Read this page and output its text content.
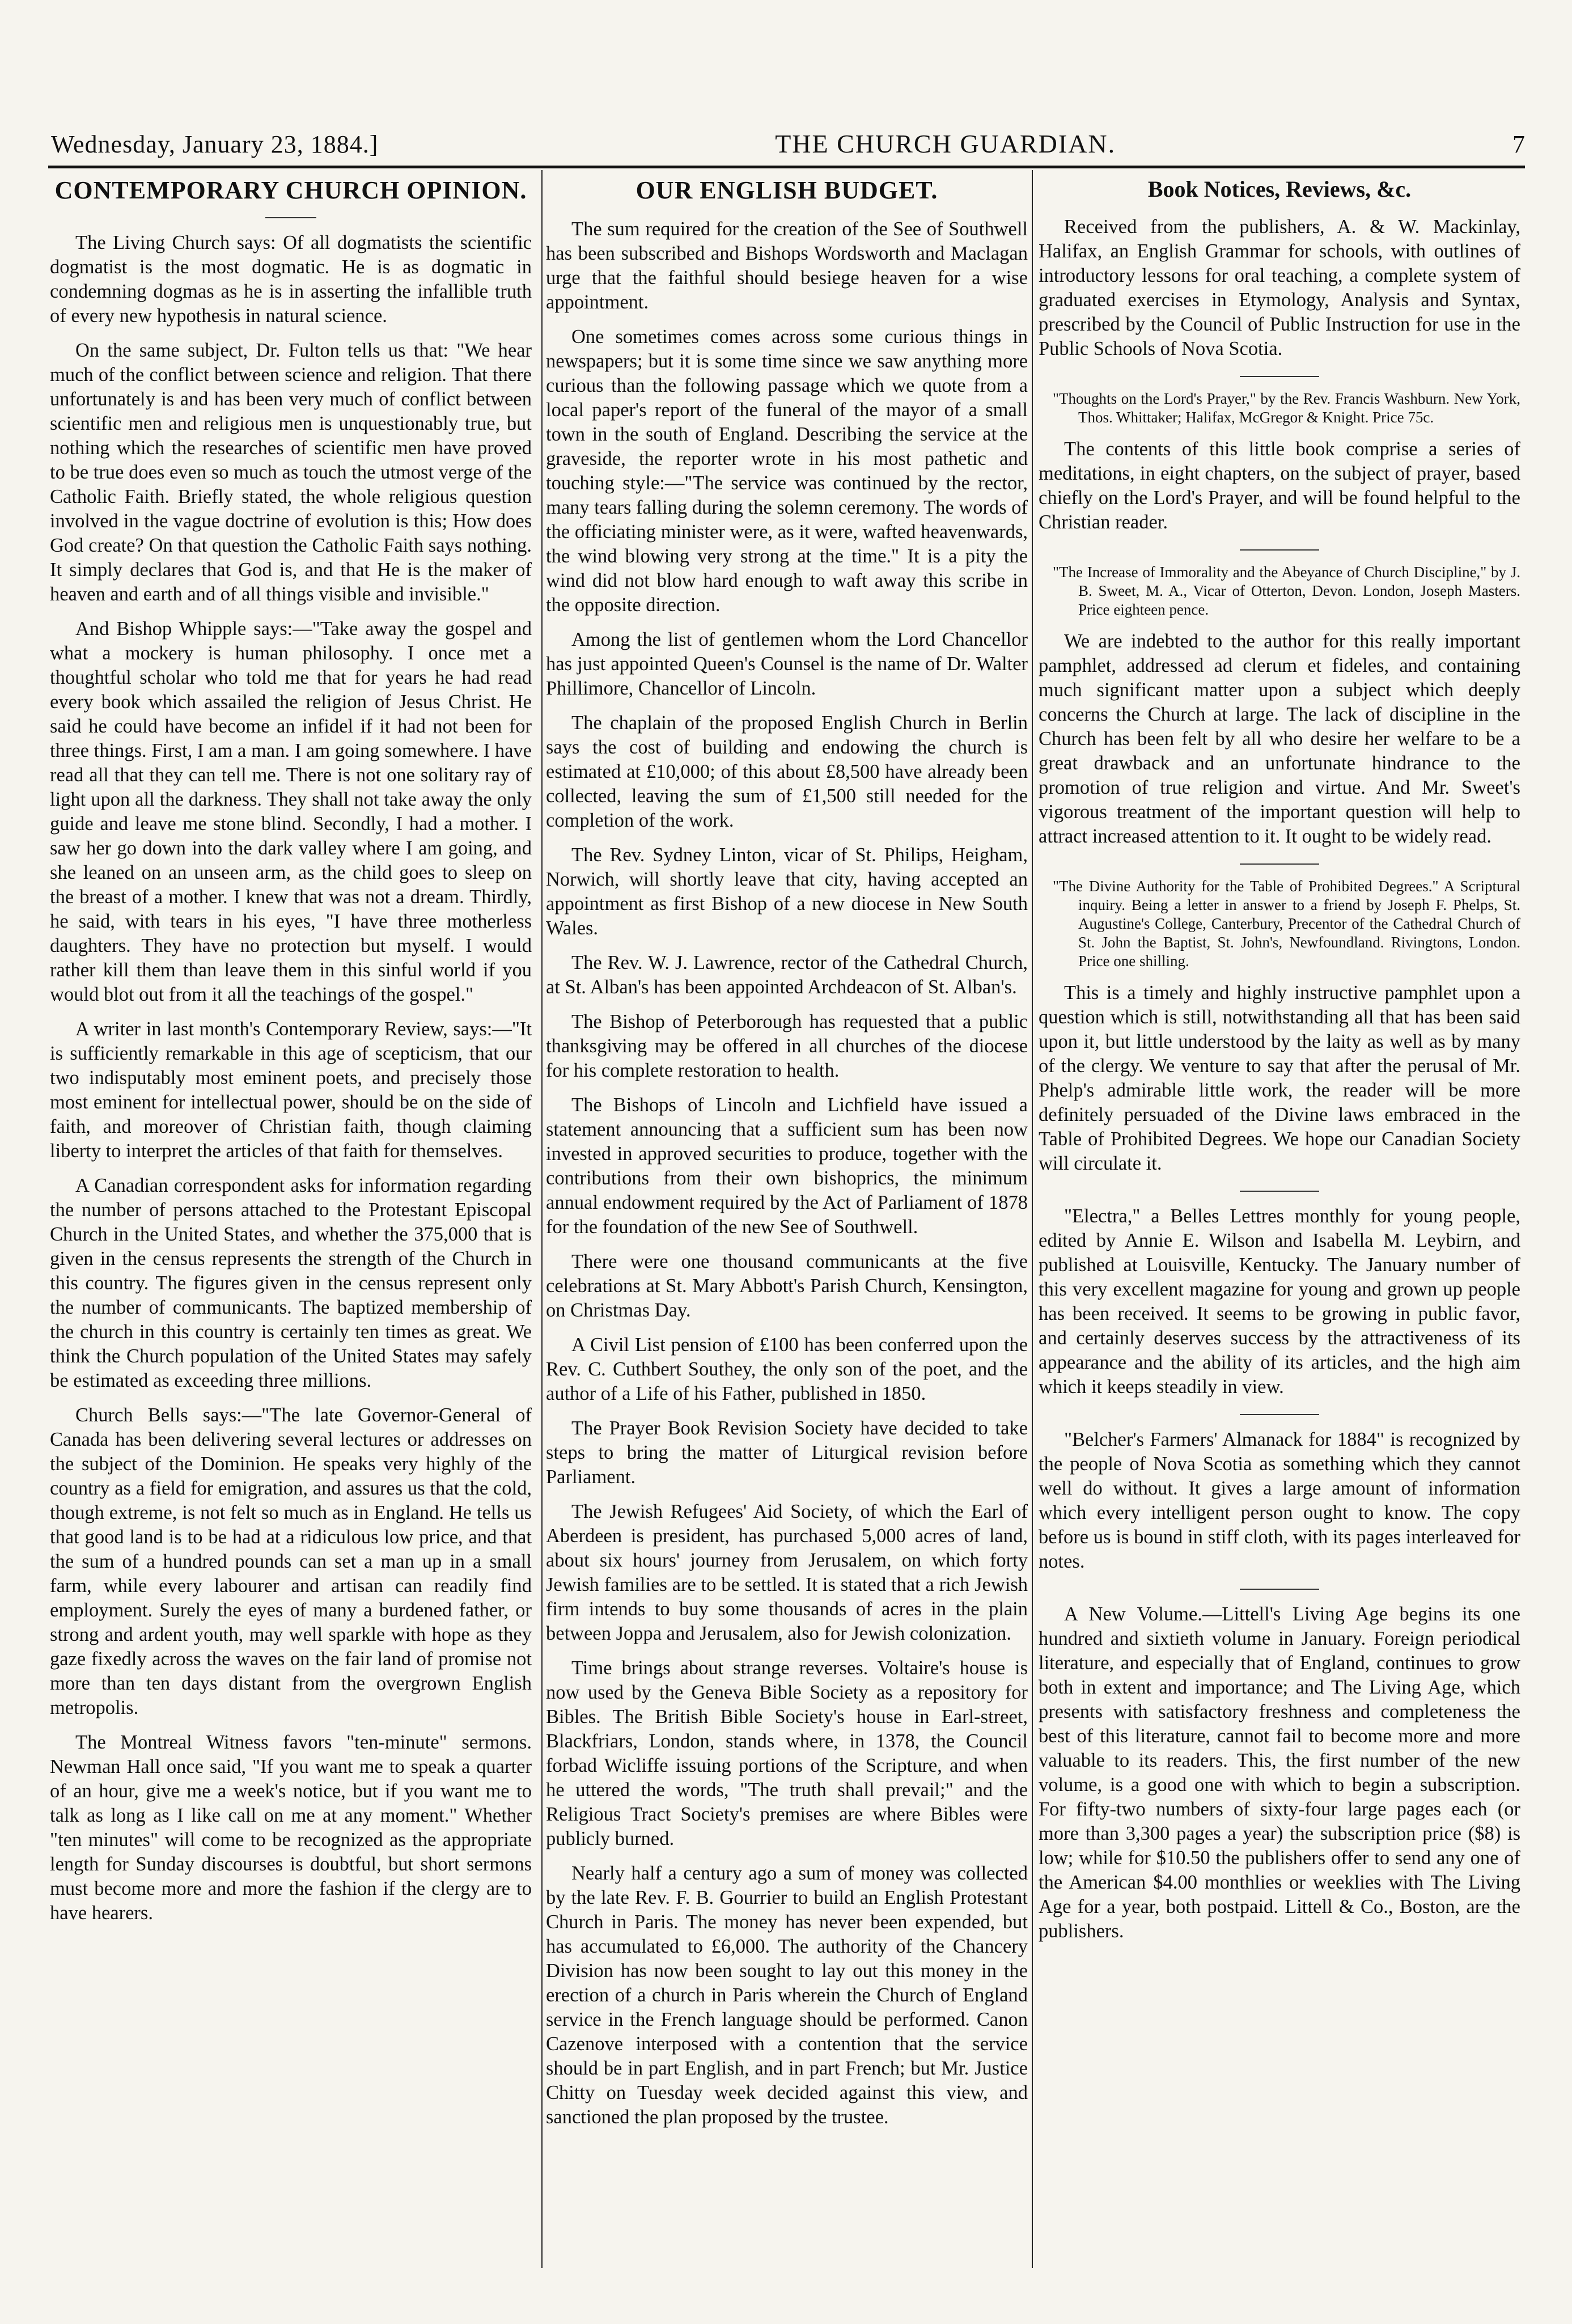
Wednesday, January 23, 1884.]	THE CHURCH GUARDIAN.	7
CONTEMPORARY CHURCH OPINION.

The Living Church says: Of all dogmatists the scientific dogmatist is the most dogmatic. He is as dogmatic in condemning dogmas as he is in asserting the infallible truth of every new hypothesis in natural science.

On the same subject, Dr. Fulton tells us that: "We hear much of the conflict between science and religion. That there unfortunately is and has been very much of conflict between scientific men and religious men is unquestionably true, but nothing which the researches of scientific men have proved to be true does even so much as touch the utmost verge of the Catholic Faith. Briefly stated, the whole religious question involved in the vague doctrine of evolution is this; How does God create? On that question the Catholic Faith says nothing. It simply declares that God is, and that He is the maker of heaven and earth and of all things visible and invisible."

And Bishop Whipple says:—"Take away the gospel and what a mockery is human philosophy. I once met a thoughtful scholar who told me that for years he had read every book which assailed the religion of Jesus Christ. He said he could have become an infidel if it had not been for three things. First, I am a man. I am going somewhere. I have read all that they can tell me. There is not one solitary ray of light upon all the darkness. They shall not take away the only guide and leave me stone blind. Secondly, I had a mother. I saw her go down into the dark valley where I am going, and she leaned on an unseen arm, as the child goes to sleep on the breast of a mother. I knew that was not a dream. Thirdly, he said, with tears in his eyes, "I have three motherless daughters. They have no protection but myself. I would rather kill them than leave them in this sinful world if you would blot out from it all the teachings of the gospel."

A writer in last month's Contemporary Review, says:—"It is sufficiently remarkable in this age of scepticism, that our two indisputably most eminent poets, and precisely those most eminent for intellectual power, should be on the side of faith, and moreover of Christian faith, though claiming liberty to interpret the articles of that faith for themselves.

A Canadian correspondent asks for information regarding the number of persons attached to the Protestant Episcopal Church in the United States, and whether the 375,000 that is given in the census represents the strength of the Church in this country. The figures given in the census represent only the number of communicants. The baptized membership of the church in this country is certainly ten times as great. We think the Church population of the United States may safely be estimated as exceeding three millions.

Church Bells says:—"The late Governor-General of Canada has been delivering several lectures or addresses on the subject of the Dominion. He speaks very highly of the country as a field for emigration, and assures us that the cold, though extreme, is not felt so much as in England. He tells us that good land is to be had at a ridiculous low price, and that the sum of a hundred pounds can set a man up in a small farm, while every labourer and artisan can readily find employment. Surely the eyes of many a burdened father, or strong and ardent youth, may well sparkle with hope as they gaze fixedly across the waves on the fair land of promise not more than ten days distant from the overgrown English metropolis.

The Montreal Witness favors "ten-minute" sermons. Newman Hall once said, "If you want me to speak a quarter of an hour, give me a week's notice, but if you want me to talk as long as I like call on me at any moment." Whether "ten minutes" will come to be recognized as the appropriate length for Sunday discourses is doubtful, but short sermons must become more and more the fashion if the clergy are to have hearers.

OUR ENGLISH BUDGET.

The sum required for the creation of the See of Southwell has been subscribed and Bishops Wordsworth and Maclagan urge that the faithful should besiege heaven for a wise appointment.

One sometimes comes across some curious things in newspapers; but it is some time since we saw anything more curious than the following passage which we quote from a local paper's report of the funeral of the mayor of a small town in the south of England. Describing the service at the graveside, the reporter wrote in his most pathetic and touching style:—"The service was continued by the rector, many tears falling during the solemn ceremony. The words of the officiating minister were, as it were, wafted heavenwards, the wind blowing very strong at the time." It is a pity the wind did not blow hard enough to waft away this scribe in the opposite direction.

Among the list of gentlemen whom the Lord Chancellor has just appointed Queen's Counsel is the name of Dr. Walter Phillimore, Chancellor of Lincoln.

The chaplain of the proposed English Church in Berlin says the cost of building and endowing the church is estimated at £10,000; of this about £8,500 have already been collected, leaving the sum of £1,500 still needed for the completion of the work.

The Rev. Sydney Linton, vicar of St. Philips, Heigham, Norwich, will shortly leave that city, having accepted an appointment as first Bishop of a new diocese in New South Wales.

The Rev. W. J. Lawrence, rector of the Cathedral Church, at St. Alban's has been appointed Archdeacon of St. Alban's.

The Bishop of Peterborough has requested that a public thanksgiving may be offered in all churches of the diocese for his complete restoration to health.

The Bishops of Lincoln and Lichfield have issued a statement announcing that a sufficient sum has been now invested in approved securities to produce, together with the contributions from their own bishoprics, the minimum annual endowment required by the Act of Parliament of 1878 for the foundation of the new See of Southwell.

There were one thousand communicants at the five celebrations at St. Mary Abbott's Parish Church, Kensington, on Christmas Day.

A Civil List pension of £100 has been conferred upon the Rev. C. Cuthbert Southey, the only son of the poet, and the author of a Life of his Father, published in 1850.

The Prayer Book Revision Society have decided to take steps to bring the matter of Liturgical revision before Parliament.

The Jewish Refugees' Aid Society, of which the Earl of Aberdeen is president, has purchased 5,000 acres of land, about six hours' journey from Jerusalem, on which forty Jewish families are to be settled. It is stated that a rich Jewish firm intends to buy some thousands of acres in the plain between Joppa and Jerusalem, also for Jewish colonization.

Time brings about strange reverses. Voltaire's house is now used by the Geneva Bible Society as a repository for Bibles. The British Bible Society's house in Earl-street, Blackfriars, London, stands where, in 1378, the Council forbad Wicliffe issuing portions of the Scripture, and when he uttered the words, "The truth shall prevail;" and the Religious Tract Society's premises are where Bibles were publicly burned.

Nearly half a century ago a sum of money was collected by the late Rev. F. B. Gourrier to build an English Protestant Church in Paris. The money has never been expended, but has accumulated to £6,000. The authority of the Chancery Division has now been sought to lay out this money in the erection of a church in Paris wherein the Church of England service in the French language should be performed. Canon Cazenove interposed with a contention that the service should be in part English, and in part French; but Mr. Justice Chitty on Tuesday week decided against this view, and sanctioned the plan proposed by the trustee.

Book Notices, Reviews, &c.

Received from the publishers, A. & W. Mackinlay, Halifax, an English Grammar for schools, with outlines of introductory lessons for oral teaching, a complete system of graduated exercises in Etymology, Analysis and Syntax, prescribed by the Council of Public Instruction for use in the Public Schools of Nova Scotia.

"Thoughts on the Lord's Prayer," by the Rev. Francis Washburn. New York, Thos. Whittaker; Halifax, McGregor & Knight. Price 75c.

The contents of this little book comprise a series of meditations, in eight chapters, on the subject of prayer, based chiefly on the Lord's Prayer, and will be found helpful to the Christian reader.

"The Increase of Immorality and the Abeyance of Church Discipline," by J. B. Sweet, M. A., Vicar of Otterton, Devon. London, Joseph Masters. Price eighteen pence.

We are indebted to the author for this really important pamphlet, addressed ad clerum et fideles, and containing much significant matter upon a subject which deeply concerns the Church at large. The lack of discipline in the Church has been felt by all who desire her welfare to be a great drawback and an unfortunate hindrance to the promotion of true religion and virtue. And Mr. Sweet's vigorous treatment of the important question will help to attract increased attention to it. It ought to be widely read.

"The Divine Authority for the Table of Prohibited Degrees." A Scriptural inquiry. Being a letter in answer to a friend by Joseph F. Phelps, St. Augustine's College, Canterbury, Precentor of the Cathedral Church of St. John the Baptist, St. John's, Newfoundland. Rivingtons, London. Price one shilling.

This is a timely and highly instructive pamphlet upon a question which is still, notwithstanding all that has been said upon it, but little understood by the laity as well as by many of the clergy. We venture to say that after the perusal of Mr. Phelp's admirable little work, the reader will be more definitely persuaded of the Divine laws embraced in the Table of Prohibited Degrees. We hope our Canadian Society will circulate it.

"Electra," a Belles Lettres monthly for young people, edited by Annie E. Wilson and Isabella M. Leybirn, and published at Louisville, Kentucky. The January number of this very excellent magazine for young and grown up people has been received. It seems to be growing in public favor, and certainly deserves success by the attractiveness of its appearance and the ability of its articles, and the high aim which it keeps steadily in view.

"Belcher's Farmers' Almanack for 1884" is recognized by the people of Nova Scotia as something which they cannot well do without. It gives a large amount of information which every intelligent person ought to know. The copy before us is bound in stiff cloth, with its pages interleaved for notes.

A New Volume.—Littell's Living Age begins its one hundred and sixtieth volume in January. Foreign periodical literature, and especially that of England, continues to grow both in extent and importance; and The Living Age, which presents with satisfactory freshness and completeness the best of this literature, cannot fail to become more and more valuable to its readers. This, the first number of the new volume, is a good one with which to begin a subscription. For fifty-two numbers of sixty-four large pages each (or more than 3,300 pages a year) the subscription price ($8) is low; while for $10.50 the publishers offer to send any one of the American $4.00 monthlies or weeklies with The Living Age for a year, both postpaid. Littell & Co., Boston, are the publishers.
